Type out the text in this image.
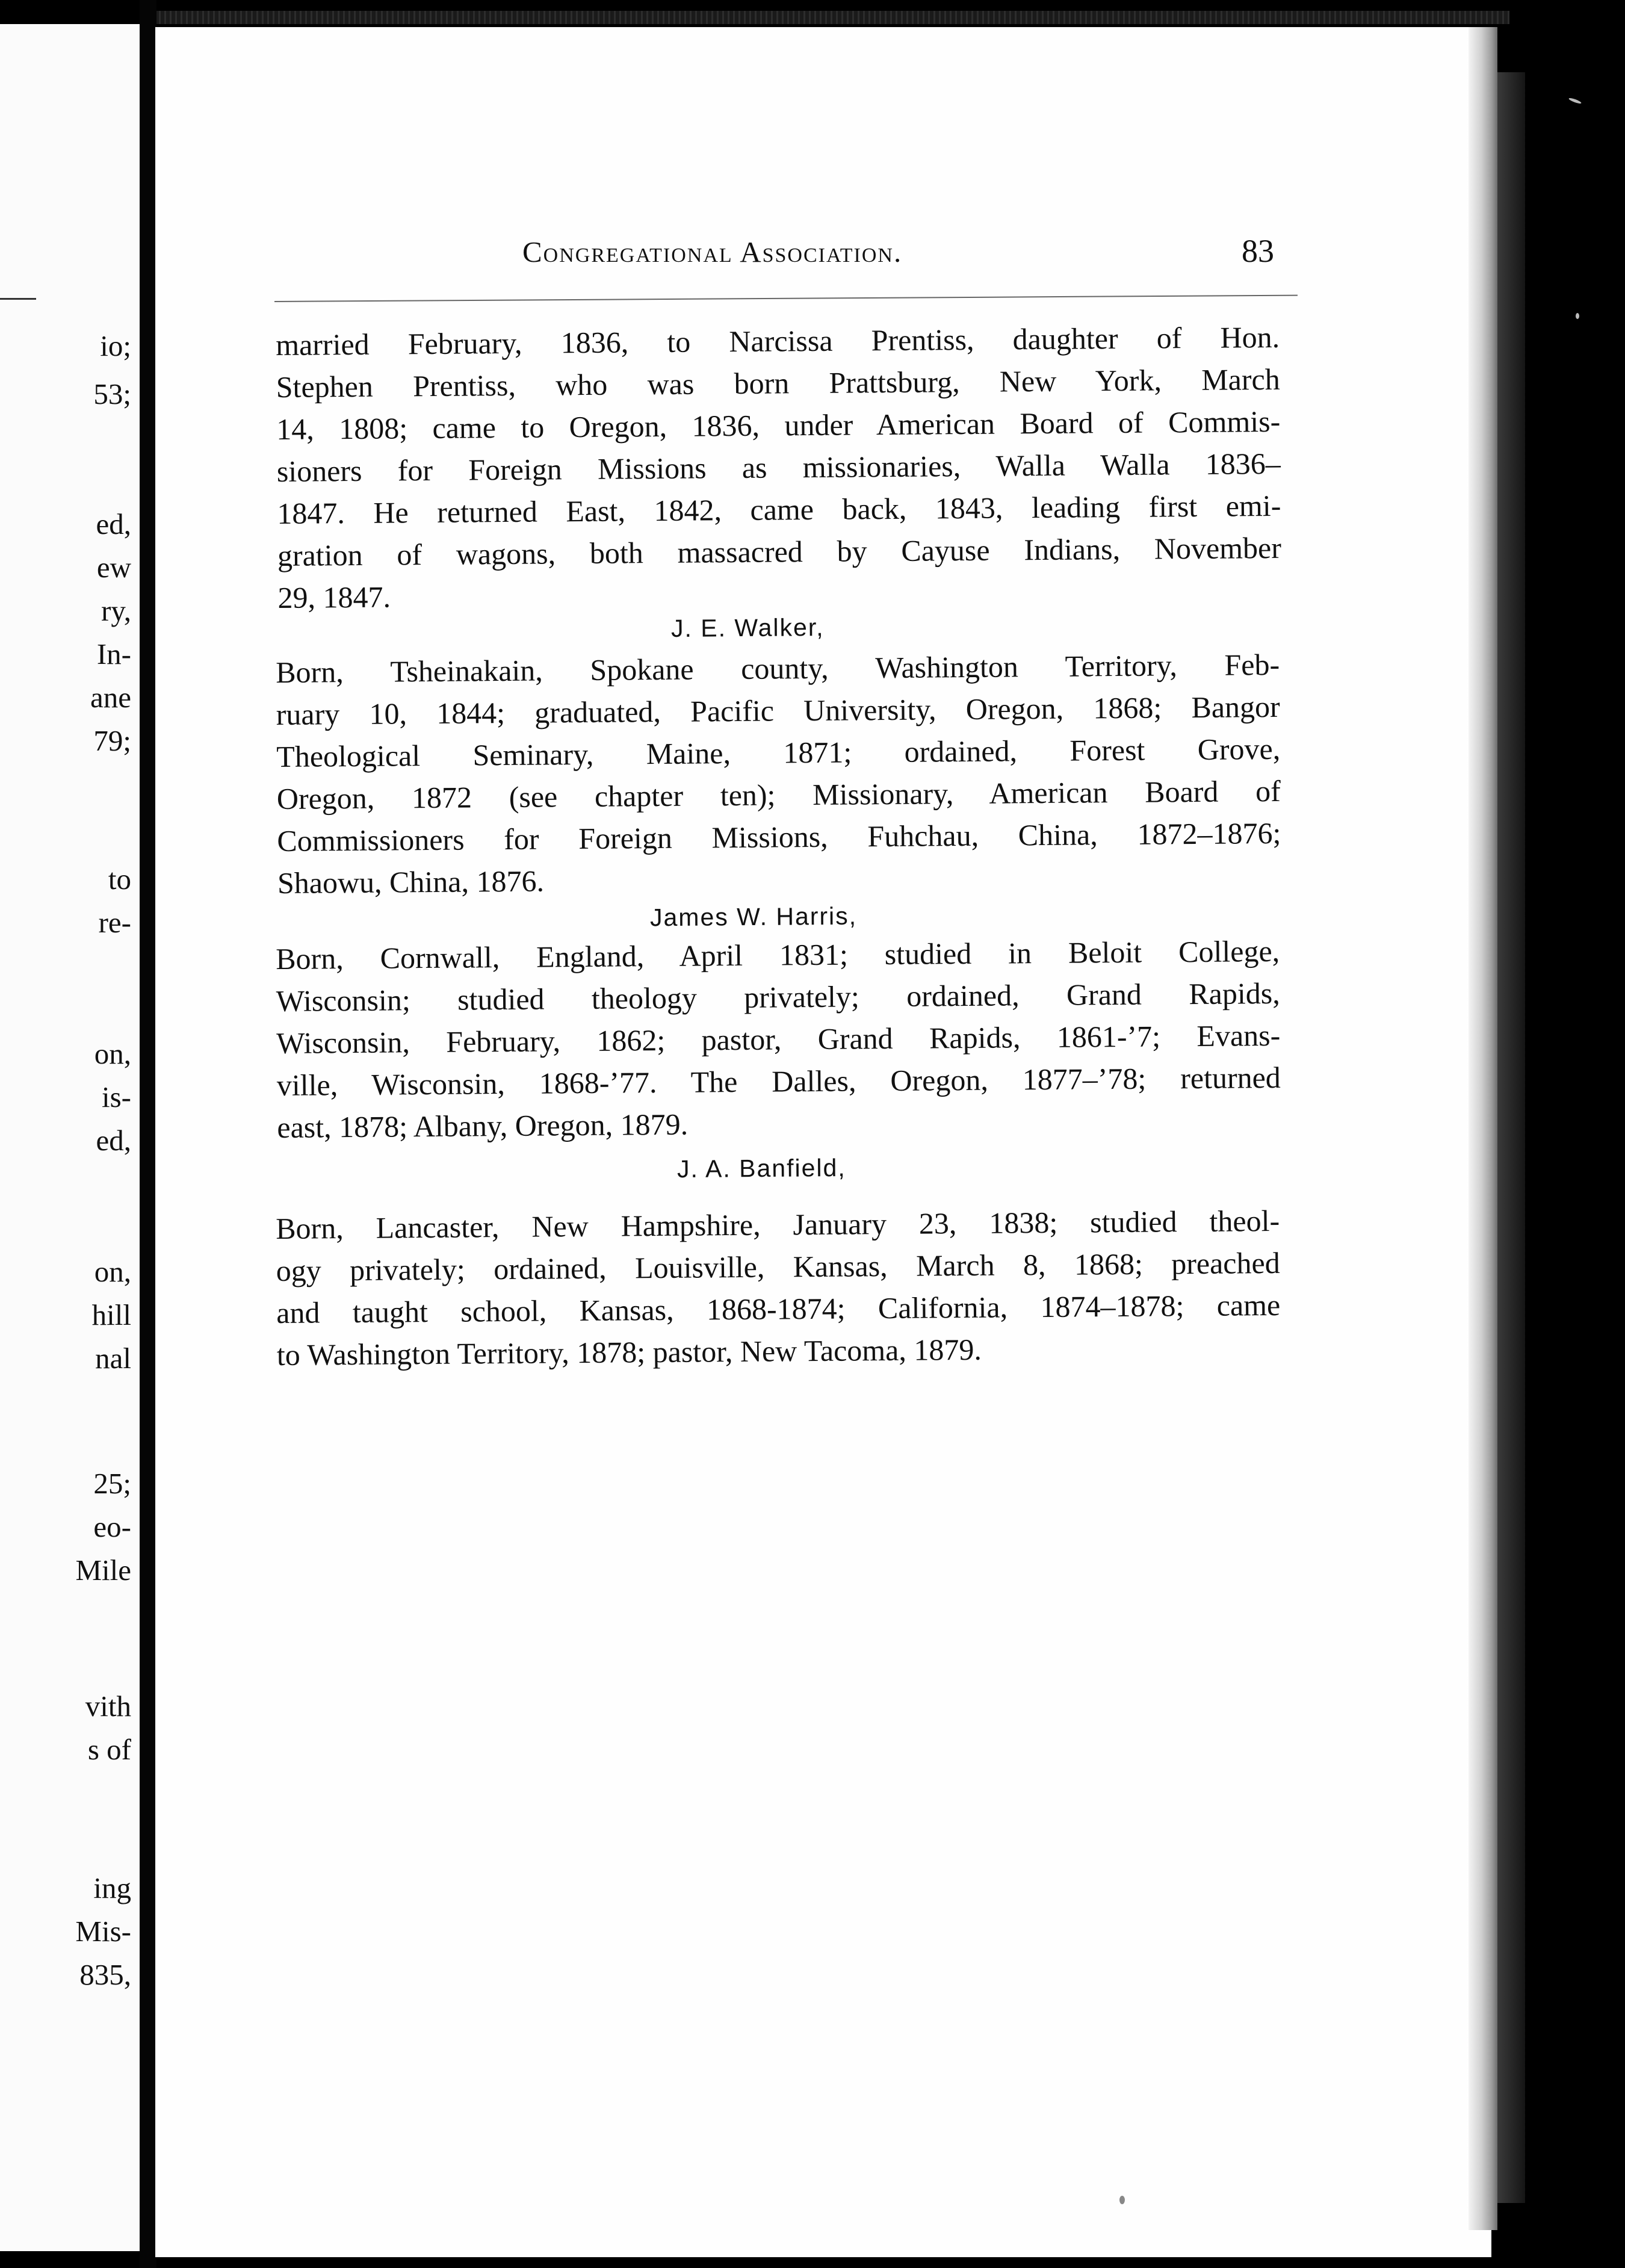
io;
53;
ed,
ew
ry,
In-
ane
79;
to
re-
on,
is-
ed,
on,
hill
nal
25;
eo-
Mile
vith
s of
ing
Mis-
835,
Congregational Association.	83
married February, 1836, to Narcissa Prentiss, daughter of Hon.
Stephen Prentiss, who was born Prattsburg, New York, March
14, 1808; came to Oregon, 1836, under American Board of Commis-
sioners for Foreign Missions as missionaries, Walla Walla 1836–
1847. He returned East, 1842, came back, 1843, leading first emi-
gration of wagons, both massacred by Cayuse Indians, November
29, 1847.
J. E. Walker,
Born, Tsheinakain, Spokane county, Washington Territory, Feb-
ruary 10, 1844; graduated, Pacific University, Oregon, 1868; Bangor
Theological Seminary, Maine, 1871; ordained, Forest Grove,
Oregon, 1872 (see chapter ten); Missionary, American Board of
Commissioners for Foreign Missions, Fuhchau, China, 1872–1876;
Shaowu, China, 1876.
James W. Harris,
Born, Cornwall, England, April 1831; studied in Beloit College,
Wisconsin; studied theology privately; ordained, Grand Rapids,
Wisconsin, February, 1862; pastor, Grand Rapids, 1861-’7; Evans-
ville, Wisconsin, 1868-’77. The Dalles, Oregon, 1877–’78; returned
east, 1878; Albany, Oregon, 1879.
J. A. Banfield,
Born, Lancaster, New Hampshire, January 23, 1838; studied theol-
ogy privately; ordained, Louisville, Kansas, March 8, 1868; preached
and taught school, Kansas, 1868-1874; California, 1874–1878; came
to Washington Territory, 1878; pastor, New Tacoma, 1879.
